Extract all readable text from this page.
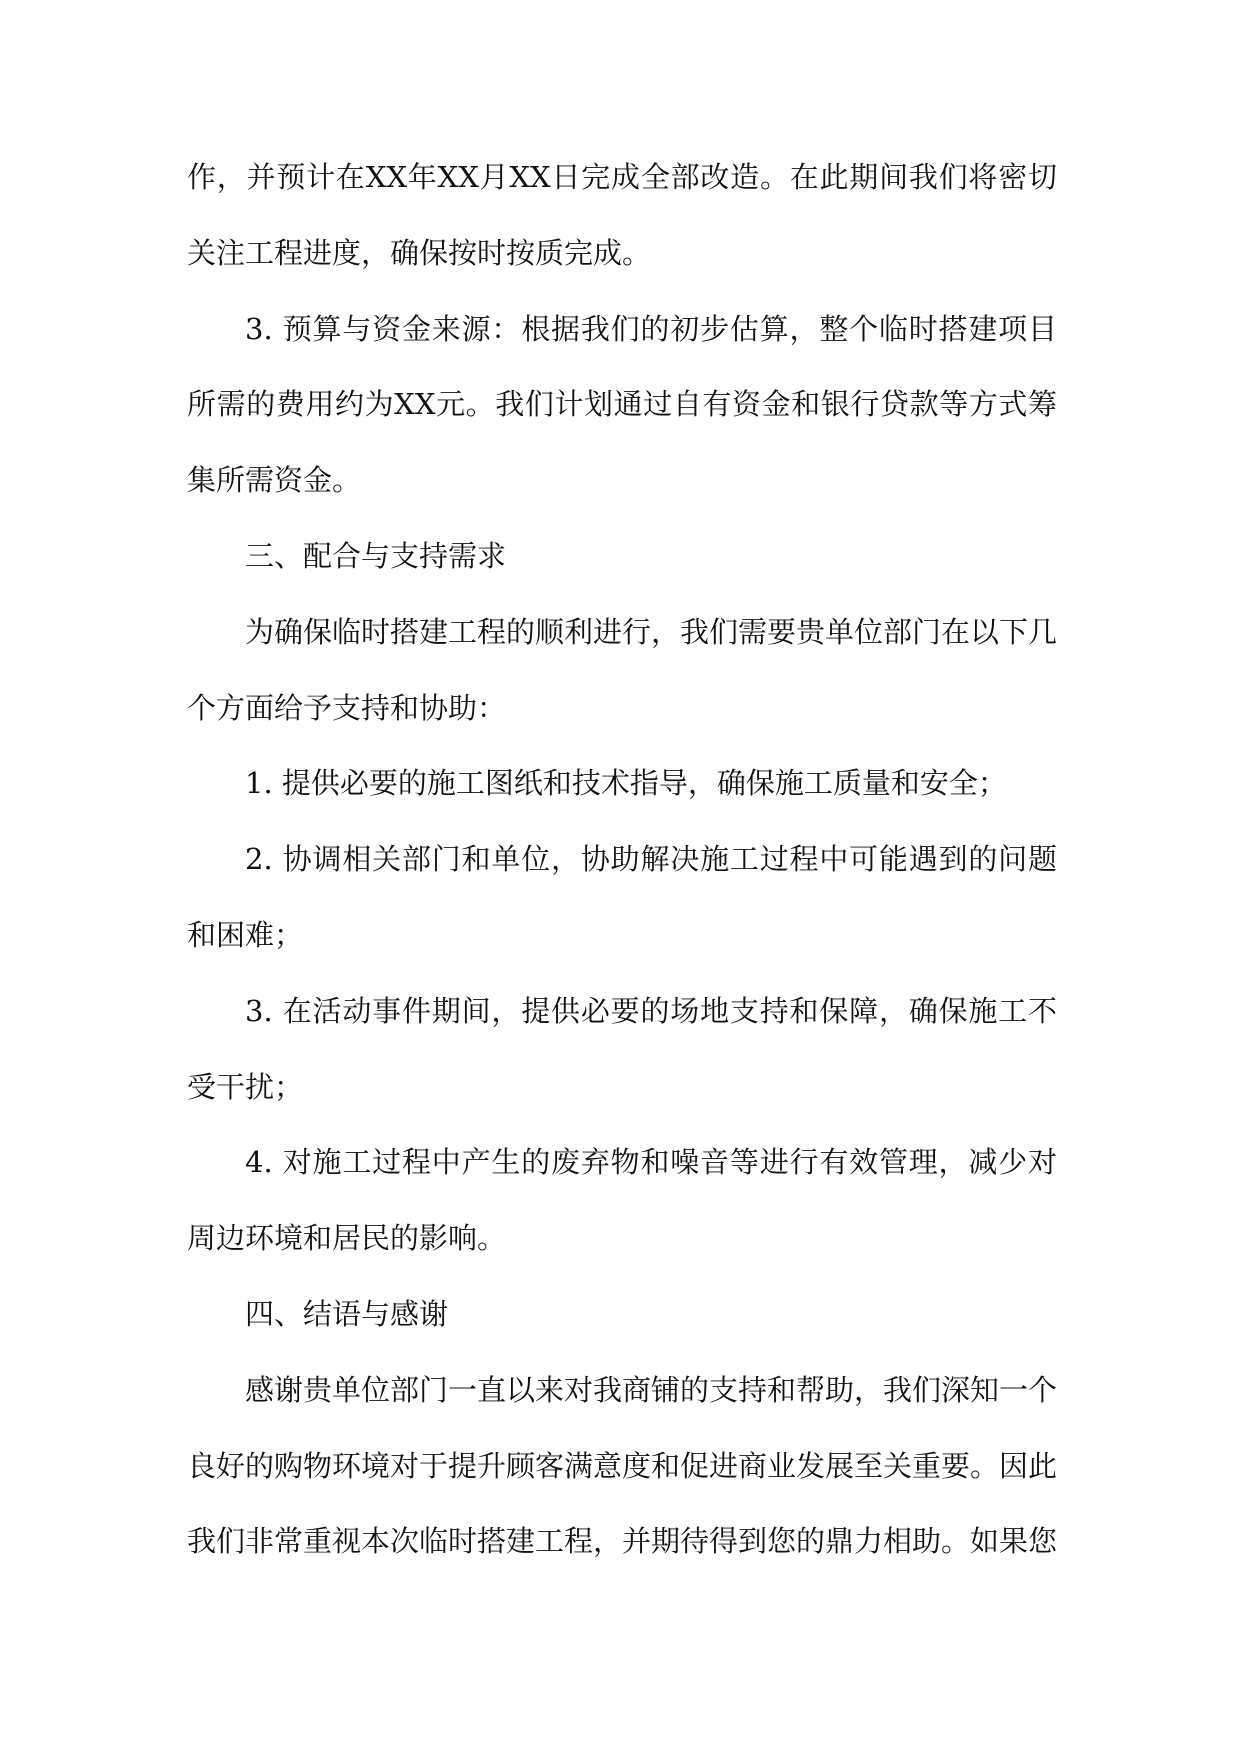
作，并预计在XX年XX月XX日完成全部改造。在此期间我们将密切关注工程进度，确保按时按质完成。

3. 预算与资金来源：根据我们的初步估算，整个临时搭建项目所需的费用约为XX元。我们计划通过自有资金和银行贷款等方式筹集所需资金。

三、配合与支持需求

为确保临时搭建工程的顺利进行，我们需要贵单位部门在以下几个方面给予支持和协助：

1. 提供必要的施工图纸和技术指导，确保施工质量和安全；

2. 协调相关部门和单位，协助解决施工过程中可能遇到的问题和困难；

3. 在活动事件期间，提供必要的场地支持和保障，确保施工不受干扰；

4. 对施工过程中产生的废弃物和噪音等进行有效管理，减少对周边环境和居民的影响。

四、结语与感谢

感谢贵单位部门一直以来对我商铺的支持和帮助，我们深知一个良好的购物环境对于提升顾客满意度和促进商业发展至关重要。因此我们非常重视本次临时搭建工程，并期待得到您的鼎力相助。如果您
